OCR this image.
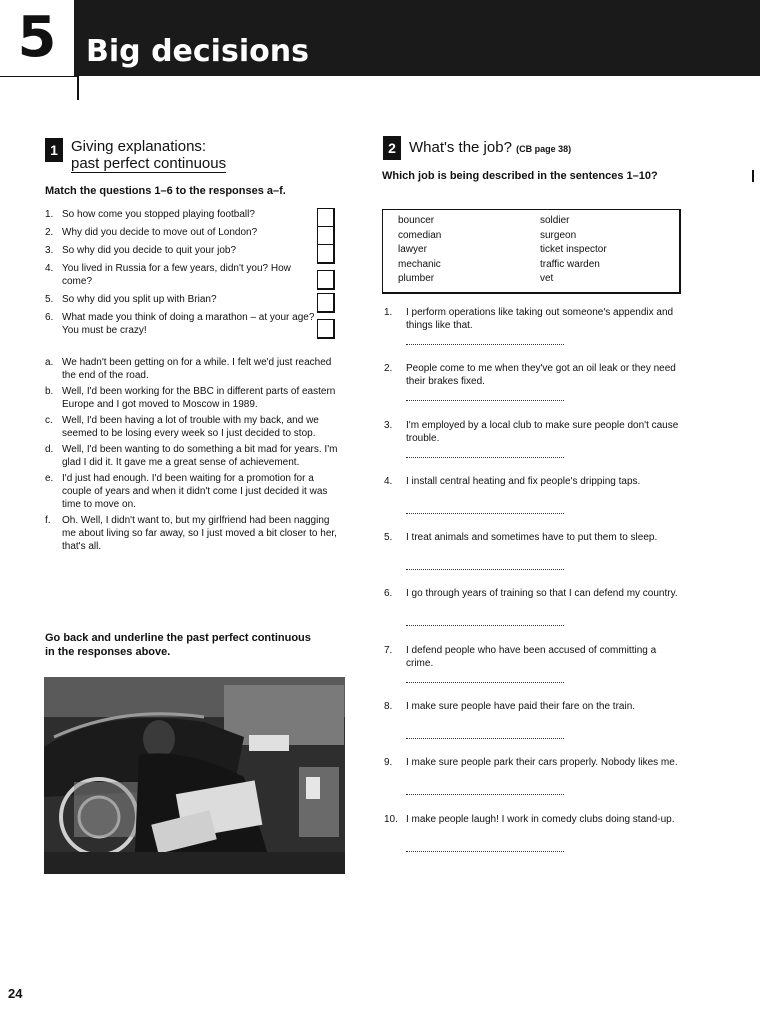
5 Big decisions
1 Giving explanations:
past perfect continuous
Match the questions 1–6 to the responses a–f.
1. So how come you stopped playing football?
2. Why did you decide to move out of London?
3. So why did you decide to quit your job?
4. You lived in Russia for a few years, didn't you? How come?
5. So why did you split up with Brian?
6. What made you think of doing a marathon – at your age? You must be crazy!
a. We hadn't been getting on for a while. I felt we'd just reached the end of the road.
b. Well, I'd been working for the BBC in different parts of eastern Europe and I got moved to Moscow in 1989.
c. Well, I'd been having a lot of trouble with my back, and we seemed to be losing every week so I just decided to stop.
d. Well, I'd been wanting to do something a bit mad for years. I'm glad I did it. It gave me a great sense of achievement.
e. I'd just had enough. I'd been waiting for a promotion for a couple of years and when it didn't come I just decided it was time to move on.
f.	Oh. Well, I didn't want to, but my girlfriend had been nagging me about living so far away, so I just moved a bit closer to her, that's all.
Go back and underline the past perfect continuous in the responses above.
2 What's the job? (CB page 38)
Which job is being described in the sentences 1–10?
bouncer
comedian
lawyer
mechanic
plumber
soldier
surgeon
ticket inspector
traffic warden
vet
1.	I perform operations like taking out someone's appendix and things like that.
2.	People come to me when they've got an oil leak or they need their brakes fixed.
3.	I'm employed by a local club to make sure people don't cause trouble.
4.	I install central heating and fix people's dripping taps.
5.	I treat animals and sometimes have to put them to sleep.
6.	I go through years of training so that I can defend my country.
7.	I defend people who have been accused of committing a crime.
8.	I make sure people have paid their fare on the train.
9.	I make sure people park their cars properly. Nobody likes me.
10. I make people laugh! I work in comedy clubs doing stand-up.
24
